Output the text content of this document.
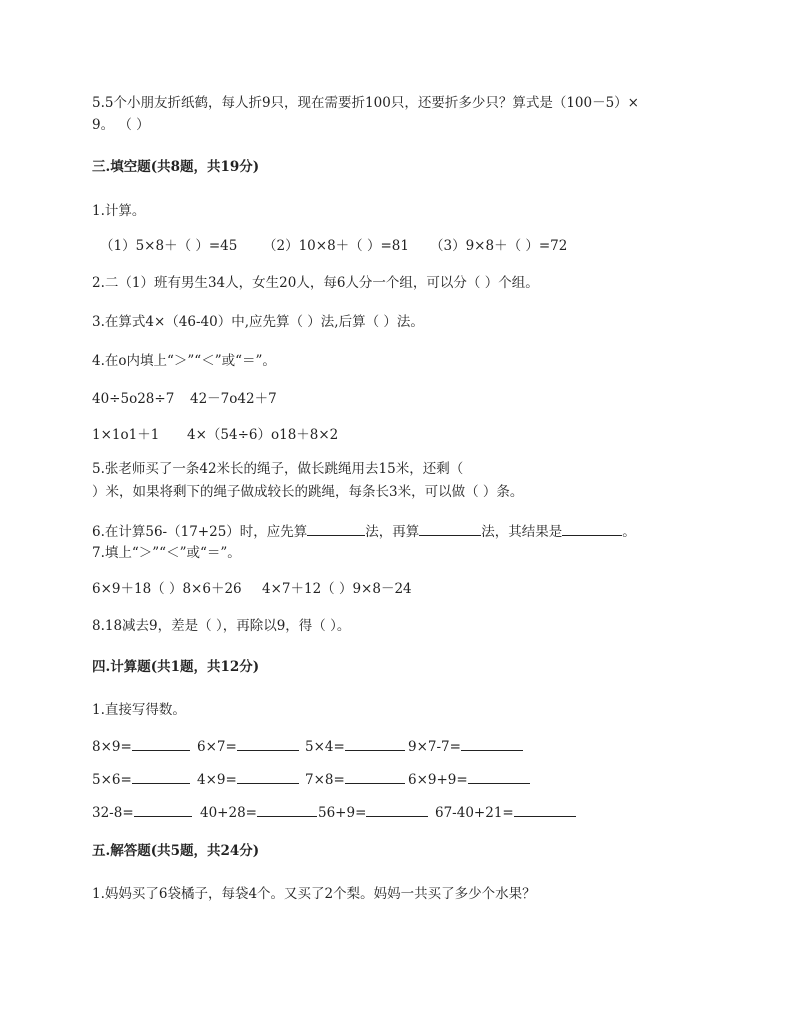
5.5个小朋友折纸鹤，每人折9只，现在需要折100只，还要折多少只？算式是（100－5）×
9。 （ ）
三.填空题(共8题，共19分)
1.计算。
（1）5×8＋（ ）=45 （2）10×8＋（ ）=81 （3）9×8＋（ ）=72
2.二（1）班有男生34人，女生20人，每6人分一个组，可以分（ ）个组。
3.在算式4×（46-40）中,应先算（ ）法,后算（ ）法。
4.在o内填上“＞”“＜”或“＝”。
40÷5o28÷7 42－7o42＋7
1×1o1＋1 4×（54÷6）o18＋8×2
5.张老师买了一条42米长的绳子，做长跳绳用去15米，还剩（
）米，如果将剩下的绳子做成较长的跳绳，每条长3米，可以做（ ）条。
6.在计算56-（17+25）时，应先算	法，再算	法，其结果是	。
7.填上“＞”“＜”或“＝”。
6×9＋18（ ）8×6＋26 4×7＋12（ ）9×8－24
8.18减去9，差是（ ），再除以9，得（ ）。
四.计算题(共1题，共12分)
1.直接写得数。
8×9=	6×7=	5×4=	9×7-7=
5×6=	4×9=	7×8=	6×9+9=
32-8=	40+28=	56+9=	67-40+21=
五.解答题(共5题，共24分)
1.妈妈买了6袋橘子，每袋4个。又买了2个梨。妈妈一共买了多少个水果？
